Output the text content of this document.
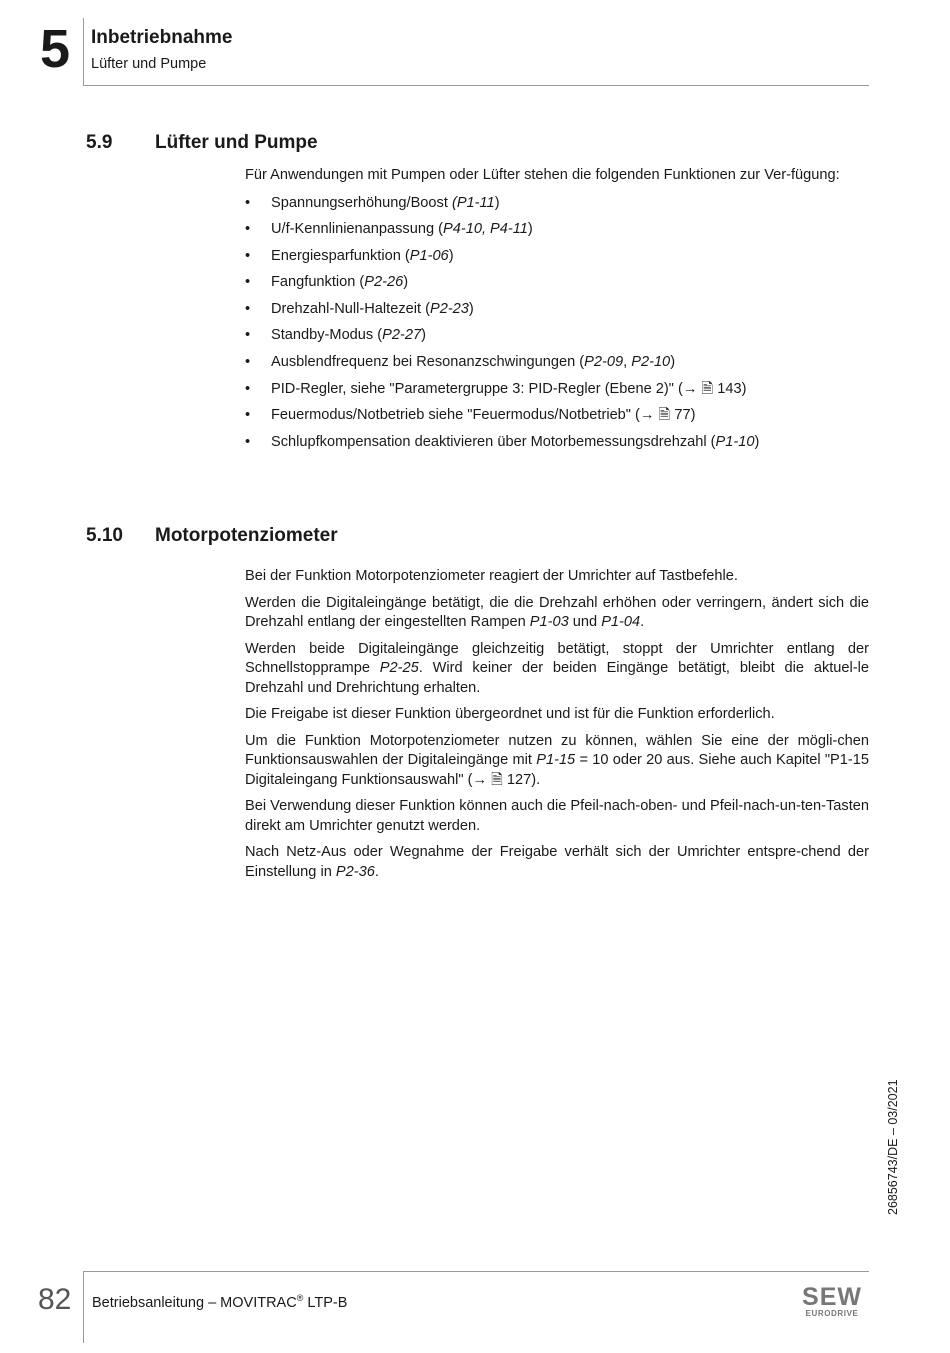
5 Inbetriebnahme
Lüfter und Pumpe
5.9 Lüfter und Pumpe

Für Anwendungen mit Pumpen oder Lüfter stehen die folgenden Funktionen zur Ver-fügung:

• Spannungserhöhung/Boost (P1-11)
• U/f-Kennlinienanpassung (P4-10, P4-11)
• Energiesparfunktion (P1-06)
• Fangfunktion (P2-26)
• Drehzahl-Null-Haltezeit (P2-23)
• Standby-Modus (P2-27)
• Ausblendfrequenz bei Resonanzschwingungen (P2-09, P2-10)
• PID-Regler, siehe "Parametergruppe 3: PID-Regler (Ebene 2)" (→ 🗎 143)
• Feuermodus/Notbetrieb siehe "Feuermodus/Notbetrieb" (→ 🗎 77)
• Schlupfkompensation deaktivieren über Motorbemessungsdrehzahl (P1-10)
5.10 Motorpotenziometer

Bei der Funktion Motorpotenziometer reagiert der Umrichter auf Tastbefehle.

Werden die Digitaleingänge betätigt, die die Drehzahl erhöhen oder verringern, ändert sich die Drehzahl entlang der eingestellten Rampen P1-03 und P1-04.

Werden beide Digitaleingänge gleichzeitig betätigt, stoppt der Umrichter entlang der Schnellstopprampe P2-25. Wird keiner der beiden Eingänge betätigt, bleibt die aktuel-le Drehzahl und Drehrichtung erhalten.

Die Freigabe ist dieser Funktion übergeordnet und ist für die Funktion erforderlich.

Um die Funktion Motorpotenziometer nutzen zu können, wählen Sie eine der mögli-chen Funktionsauswahlen der Digitaleingänge mit P1-15 = 10 oder 20 aus. Siehe auch Kapitel "P1-15 Digitaleingang Funktionsauswahl" (→ 🗎 127).

Bei Verwendung dieser Funktion können auch die Pfeil-nach-oben- und Pfeil-nach-un-ten-Tasten direkt am Umrichter genutzt werden.

Nach Netz-Aus oder Wegnahme der Freigabe verhält sich der Umrichter entspre-chend der Einstellung in P2-36.

26856743/DE – 03/2021
82 Betriebsanleitung – MOVITRAC® LTP-B	SEW
EURODRIVE
